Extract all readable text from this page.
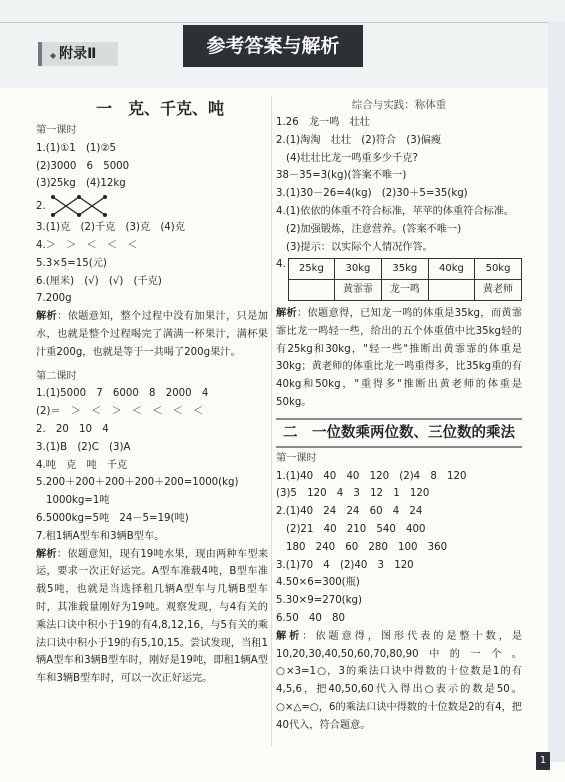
◆ 附录Ⅱ	参考答案与解析
一　克、千克、吨
第一课时
1.(1)①1　(1)②5
(2)3000　6　5000
(3)25kg　(4)12kg
2.
3.(1)克　(2)千克　(3)克　(4)克
4.＞　＞　＜　＜　＜
5.3×5=15(元)
6.(厘米)　(√)　(√)　(千克)
7.200g
解析：依题意知，整个过程中没有加果汁，只是加水，也就是整个过程喝完了满满一杯果汁，满杯果汁重200g，也就是等于一共喝了200g果汁。
第二课时
1.(1)5000　7　6000　8　2000　4
(2)＝　＞　＜　＞　＜　＜　＜　＜
2.　20　10　4
3.(1)B　(2)C　(3)A
4.吨　克　吨　千克
5.200＋200＋200＋200＋200=1000(kg)
1000kg=1吨
6.5000kg=5吨　24－5=19(吨)
7.租1辆A型车和3辆B型车。
解析：依题意知，现有19吨水果，现由两种车型来运，要求一次正好运完。A型车准载4吨，B型车准载5吨，也就是当选择租几辆A型车与几辆B型车时，其准载量刚好为19吨。观察发现，与4有关的乘法口诀中积小于19的有4,8,12,16，与5有关的乘法口诀中积小于19的有5,10,15。尝试发现，当租1辆A型车和3辆B型车时，刚好是19吨，即租1辆A型车和3辆B型车时，可以一次正好运完。
综合与实践：称体重
1.26　龙一鸣　壮壮
2.(1)淘淘　壮壮　(2)符合　(3)偏瘦
(4)壮壮比龙一鸣重多少千克?
38－35=3(kg)(答案不唯一)
3.(1)30－26=4(kg)　(2)30＋5=35(kg)
4.(1)依依的体重不符合标准，苹苹的体重符合标准。
(2)加强锻炼，注意营养。(答案不唯一)
(3)提示：以实际个人情况作答。
4. 25kg	30kg	35kg	40kg	50kg
	黄霏霏	龙一鸣		黄老师
解析：依题意得，已知龙一鸣的体重是35kg，而黄霏霏比龙一鸣轻一些，给出的五个体重值中比35kg轻的有25kg和30kg，"轻一些"推断出黄霏霏的体重是30kg；黄老师的体重比龙一鸣重得多，比35kg重的有40kg和50kg，"重得多"推断出黄老师的体重是50kg。
二　一位数乘两位数、三位数的乘法
第一课时
1.(1)40　40　40　120　(2)4　8　120
(3)5　120　4　3　12　1　120
2.(1)40　24　24　60　4　24
(2)21　40　210　540　400
180　240　60　280　100　360
3.(1)70　4　(2)40　3　120
4.50×6=300(瓶)
5.30×9=270(kg)
6.50　40　80
解析：依题意得，图形代表的是整十数，是10,20,30,40,50,60,70,80,90中的一个。○×3=1○，3的乘法口诀中得数的十位数是1的有4,5,6，把40,50,60代入得出○表示的数是50。○×△=○，6的乘法口诀中得数的十位数是2的有4，把40代入，符合题意。
1
